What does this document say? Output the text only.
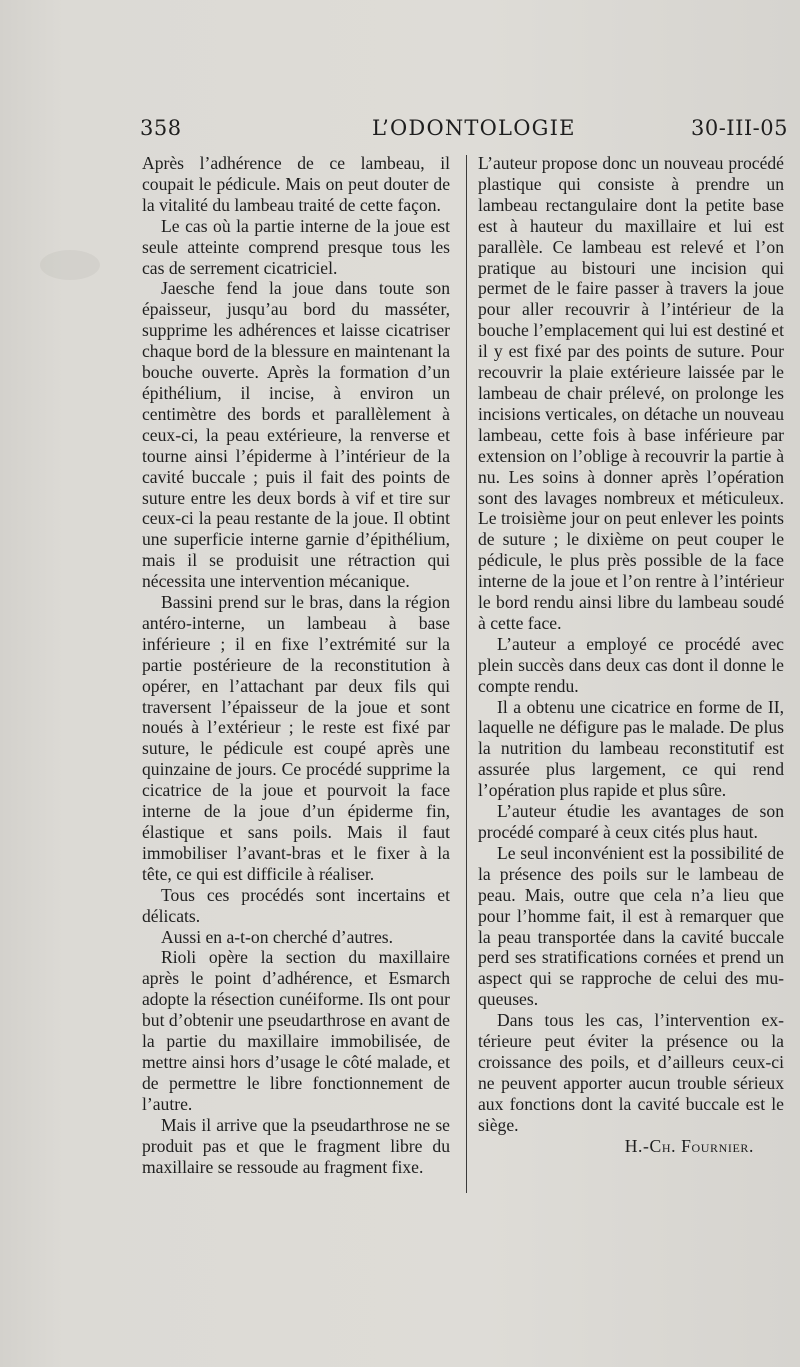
358	L’ODONTOLOGIE	30-III-05

Après l’adhérence de ce lambeau, il coupait le pédicule. Mais on peut douter de la vitalité du lambeau traité de cette façon.

Le cas où la partie interne de la joue est seule atteinte comprend presque tous les cas de serrement cicatriciel.

Jaesche fend la joue dans toute son épaisseur, jusqu’au bord du masséter, supprime les adhérences et laisse cicatriser chaque bord de la blessure en maintenant la bouche ouverte. Après la formation d’un épithélium, il incise, à environ un centimètre des bords et parallèlement à ceux-ci, la peau extérieure, la renverse et tourne ainsi l’épiderme à l’intérieur de la cavité buccale ; puis il fait des points de suture entre les deux bords à vif et tire sur ceux-ci la peau restante de la joue. Il obtint une superficie interne garnie d’épithélium, mais il se produisit une rétraction qui nécessita une intervention mécanique.

Bassini prend sur le bras, dans la région antéro-interne, un lambeau à base inférieure ; il en fixe l’extrémité sur la partie postérieure de la reconstitution à opérer, en l’attachant par deux fils qui traversent l’épaisseur de la joue et sont noués à l’extérieur ; le reste est fixé par suture, le pédicule est coupé après une quinzaine de jours. Ce procédé supprime la cicatrice de la joue et pourvoit la face interne de la joue d’un épiderme fin, élastique et sans poils. Mais il faut immobiliser l’avant-bras et le fixer à la tête, ce qui est difficile à réaliser.

Tous ces procédés sont incertains et délicats.

Aussi en a-t-on cherché d’autres.

Rioli opère la section du maxillaire après le point d’adhérence, et Esmarch adopte la résection cunéiforme. Ils ont pour but d’obtenir une pseudarthrose en avant de la partie du maxillaire immobilisée, de mettre ainsi hors d’usage le côté malade, et de permettre le libre fonctionnement de l’autre.

Mais il arrive que la pseudarthrose ne se produit pas et que le fragment libre du maxillaire se ressoude au fragment fixe.

L’auteur propose donc un nouveau procédé plastique qui consiste à prendre un lambeau rectangulaire dont la petite base est à hauteur du maxillaire et lui est parallèle. Ce lambeau est relevé et l’on pratique au bistouri une incision qui permet de le faire passer à travers la joue pour aller recouvrir à l’intérieur de la bouche l’emplacement qui lui est destiné et il y est fixé par des points de suture. Pour recouvrir la plaie extérieure laissée par le lambeau de chair prélevé, on prolonge les incisions verticales, on détache un nouveau lambeau, cette fois à base inférieure par extension on l’oblige à recouvrir la partie à nu. Les soins à donner après l’opération sont des lavages nombreux et méticuleux. Le troisième jour on peut enlever les points de suture ; le dixième on peut couper le pédicule, le plus près possible de la face interne de la joue et l’on rentre à l’intérieur le bord rendu ainsi libre du lambeau soudé à cette face.

L’auteur a employé ce procédé avec plein succès dans deux cas dont il donne le compte rendu.

Il a obtenu une cicatrice en forme de II, laquelle ne défigure pas le malade. De plus la nutrition du lambeau reconstitutif est assurée plus largement, ce qui rend l’opération plus rapide et plus sûre.

L’auteur étudie les avantages de son procédé comparé à ceux cités plus haut.

Le seul inconvénient est la possibilité de la présence des poils sur le lambeau de peau. Mais, outre que cela n’a lieu que pour l’homme fait, il est à remarquer que la peau transportée dans la cavité buccale perd ses stratifications cornées et prend un aspect qui se rapproche de celui des muqueuses.

Dans tous les cas, l’intervention extérieure peut éviter la présence ou la croissance des poils, et d’ailleurs ceux-ci ne peuvent apporter aucun trouble sérieux aux fonctions dont la cavité buccale est le siège.

H.-Ch. Fournier.
